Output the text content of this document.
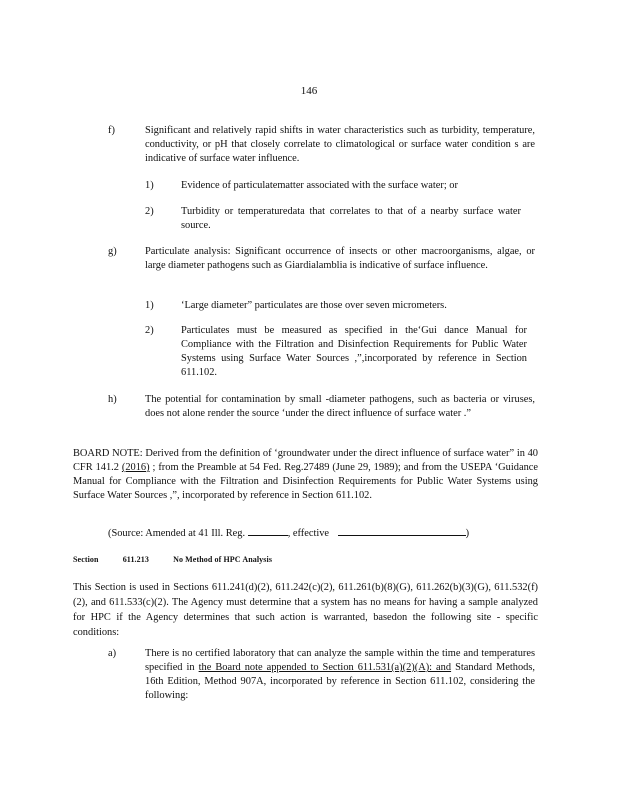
146
f)	Significant and relatively rapid shifts in water characteristics such as turbidity, temperature, conductivity, or pH that closely correlate to climatological or surface water condition s are indicative of surface water influence.
1)	Evidence of particulatematter associated with the surface water; or
2)	Turbidity or temperaturedata that correlates to that of a nearby surface water source.
g)	Particulate analysis: Significant occurrence of insects or other macroorganisms, algae, or large diameter pathogens such as Giardialamblia is indicative of surface influence.
1)	‘Large diameter” particulates are those over seven micrometers.
2)	Particulates must be measured as specified in the‘Gui dance Manual for Compliance with the Filtration and Disinfection Requirements for Public Water Systems using Surface Water Sources ,”,incorporated by reference in Section 611.102.
h)	The potential for contamination by small -diameter pathogens, such as bacteria or viruses, does not alone render the source ‘under the direct influence of surface water .”
BOARD NOTE: Derived from the definition of ‘groundwater under the direct influence of surface water” in 40 CFR 141.2 (2016) ; from the Preamble at 54 Fed. Reg.27489 (June 29, 1989); and from the USEPA ‘Guidance Manual for Compliance with the Filtration and Disinfection Requirements for Public Water Systems using Surface Water Sources ,”, incorporated by reference in Section 611.102.
(Source: Amended at 41 Ill. Reg.	, effective	)
Section	611.213	No Method of HPC Analysis
This Section is used in Sections 611.241(d)(2), 611.242(c)(2), 611.261(b)(8)(G), 611.262(b)(3)(G), 611.532(f)(2), and 611.533(c)(2). The Agency must determine that a system has no means for having a sample analyzed for HPC if the Agency determines that such action is warranted, basedon the following site - specific conditions:
a)	There is no certified laboratory that can analyze the sample within the time and temperatures specified in the Board note appended to Section 611.531(a)(2)(A): and Standard Methods, 16th Edition, Method 907A, incorporated by reference in Section 611.102, considering the following:
